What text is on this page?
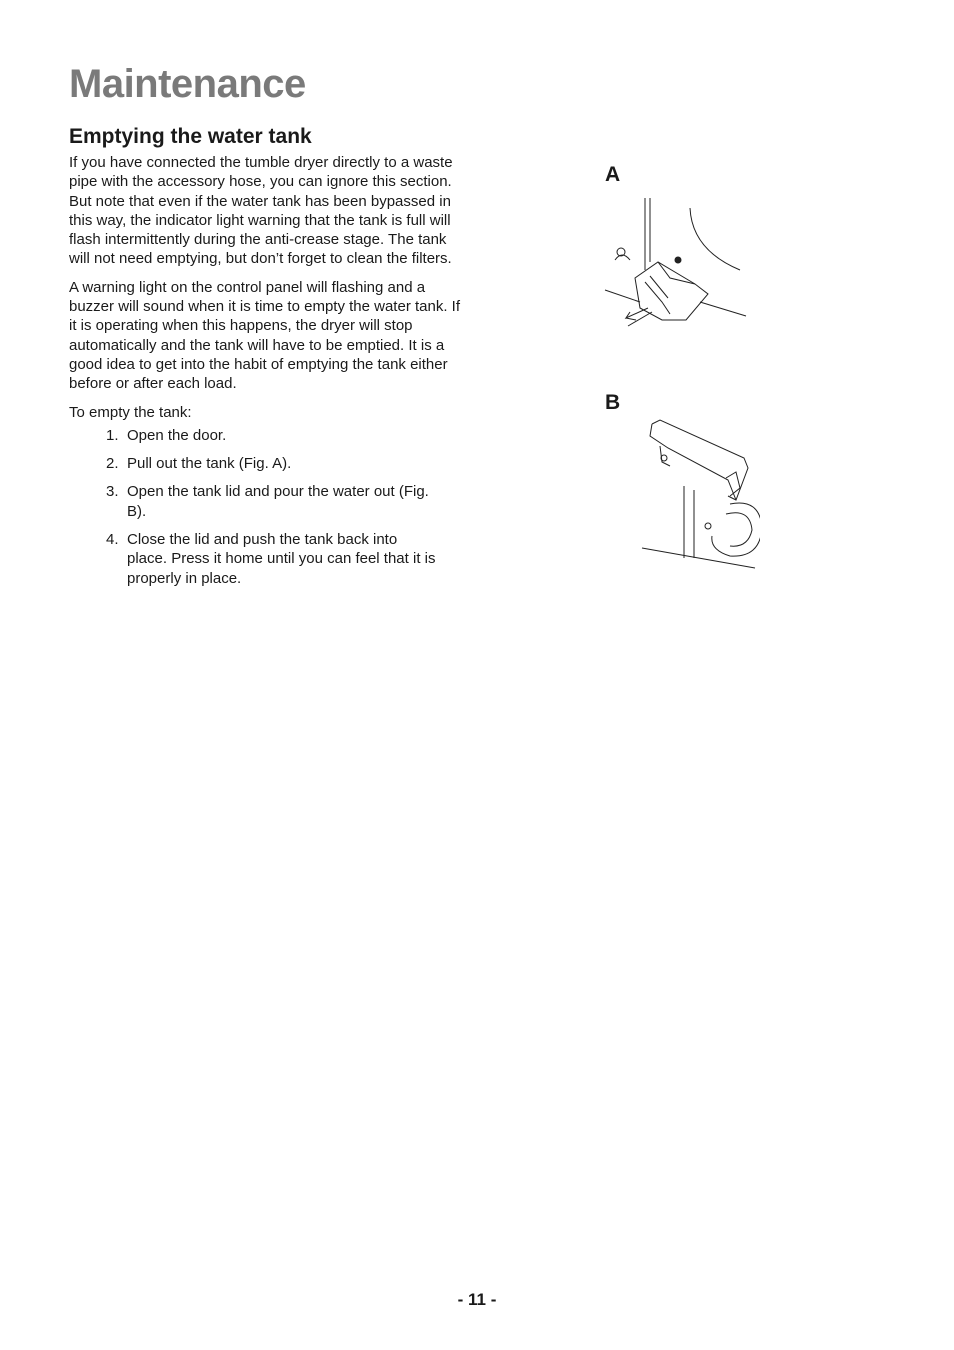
Maintenance
Emptying the water tank

If you have connected the tumble dryer directly to a waste pipe with the accessory hose, you can ignore this section.

But note that even if the water tank has been bypassed in this way, the indicator light warning that the tank is full will flash intermittently during the anti-crease stage. The tank will not need emptying, but don’t forget to clean the filters.

A warning light on the control panel will flashing and a buzzer will sound when it is time to empty the water tank. If it is operating when this happens, the dryer will stop automatically and the tank will have to be emptied. It is a good idea to get into the habit of emptying the tank either before or after each load.

To empty the tank:

1. Open the door.
2. Pull out the tank (Fig. A).
3. Open the tank lid and pour the water out (Fig. B).
4. Close the lid and push the tank back into place. Press it home until you can feel that it is properly in place.
A
B
- 11 -
